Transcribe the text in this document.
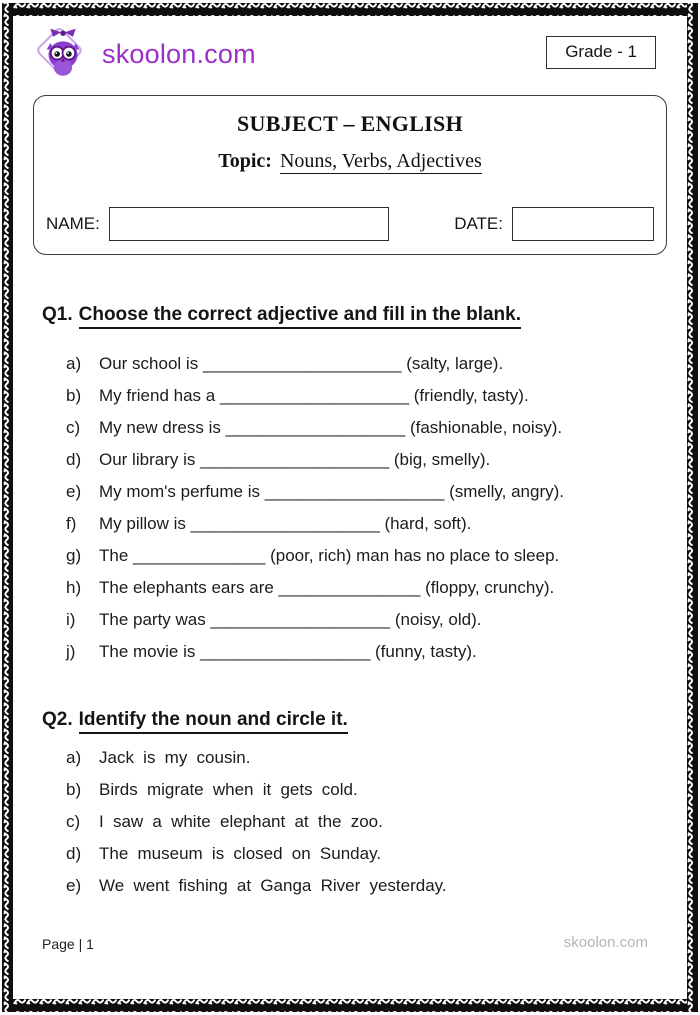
skoolon.com	Grade - 1
SUBJECT – ENGLISH
Topic: Nouns, Verbs, Adjectives
NAME:	DATE:
Q1. Choose the correct adjective and fill in the blank.
a) Our school is _____________________ (salty, large).
b) My friend has a ____________________ (friendly, tasty).
c) My new dress is ___________________ (fashionable, noisy).
d) Our library is ____________________ (big, smelly).
e) My mom's perfume is ___________________ (smelly, angry).
f) My pillow is ____________________ (hard, soft).
g) The ______________ (poor, rich) man has no place to sleep.
h) The elephants ears are _______________ (floppy, crunchy).
i) The party was ___________________ (noisy, old).
j) The movie is __________________ (funny, tasty).
Q2. Identify the noun and circle it.
a) Jack is my cousin.
b) Birds migrate when it gets cold.
c) I saw a white elephant at the zoo.
d) The museum is closed on Sunday.
e) We went fishing at Ganga River yesterday.
Page | 1	skoolon.com
